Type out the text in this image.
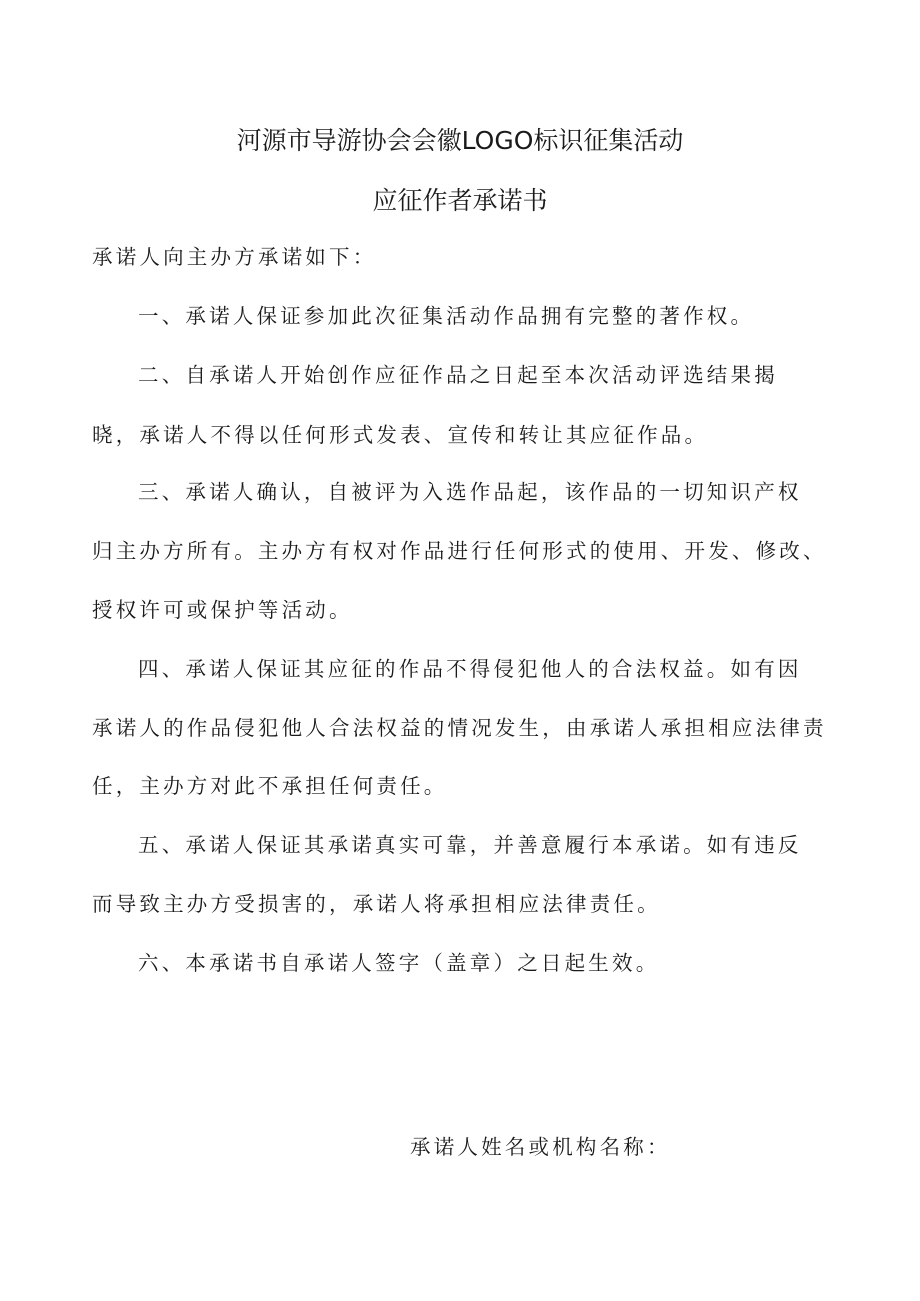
河源市导游协会会徽LOGO标识征集活动
应征作者承诺书
承诺人向主办方承诺如下：
一、承诺人保证参加此次征集活动作品拥有完整的著作权。
二、自承诺人开始创作应征作品之日起至本次活动评选结果揭
晓，承诺人不得以任何形式发表、宣传和转让其应征作品。
三、承诺人确认，自被评为入选作品起，该作品的一切知识产权
归主办方所有。主办方有权对作品进行任何形式的使用、开发、修改、
授权许可或保护等活动。
四、承诺人保证其应征的作品不得侵犯他人的合法权益。如有因
承诺人的作品侵犯他人合法权益的情况发生，由承诺人承担相应法律责
任，主办方对此不承担任何责任。
五、承诺人保证其承诺真实可靠，并善意履行本承诺。如有违反
而导致主办方受损害的，承诺人将承担相应法律责任。
六、本承诺书自承诺人签字（盖章）之日起生效。
承诺人姓名或机构名称：
